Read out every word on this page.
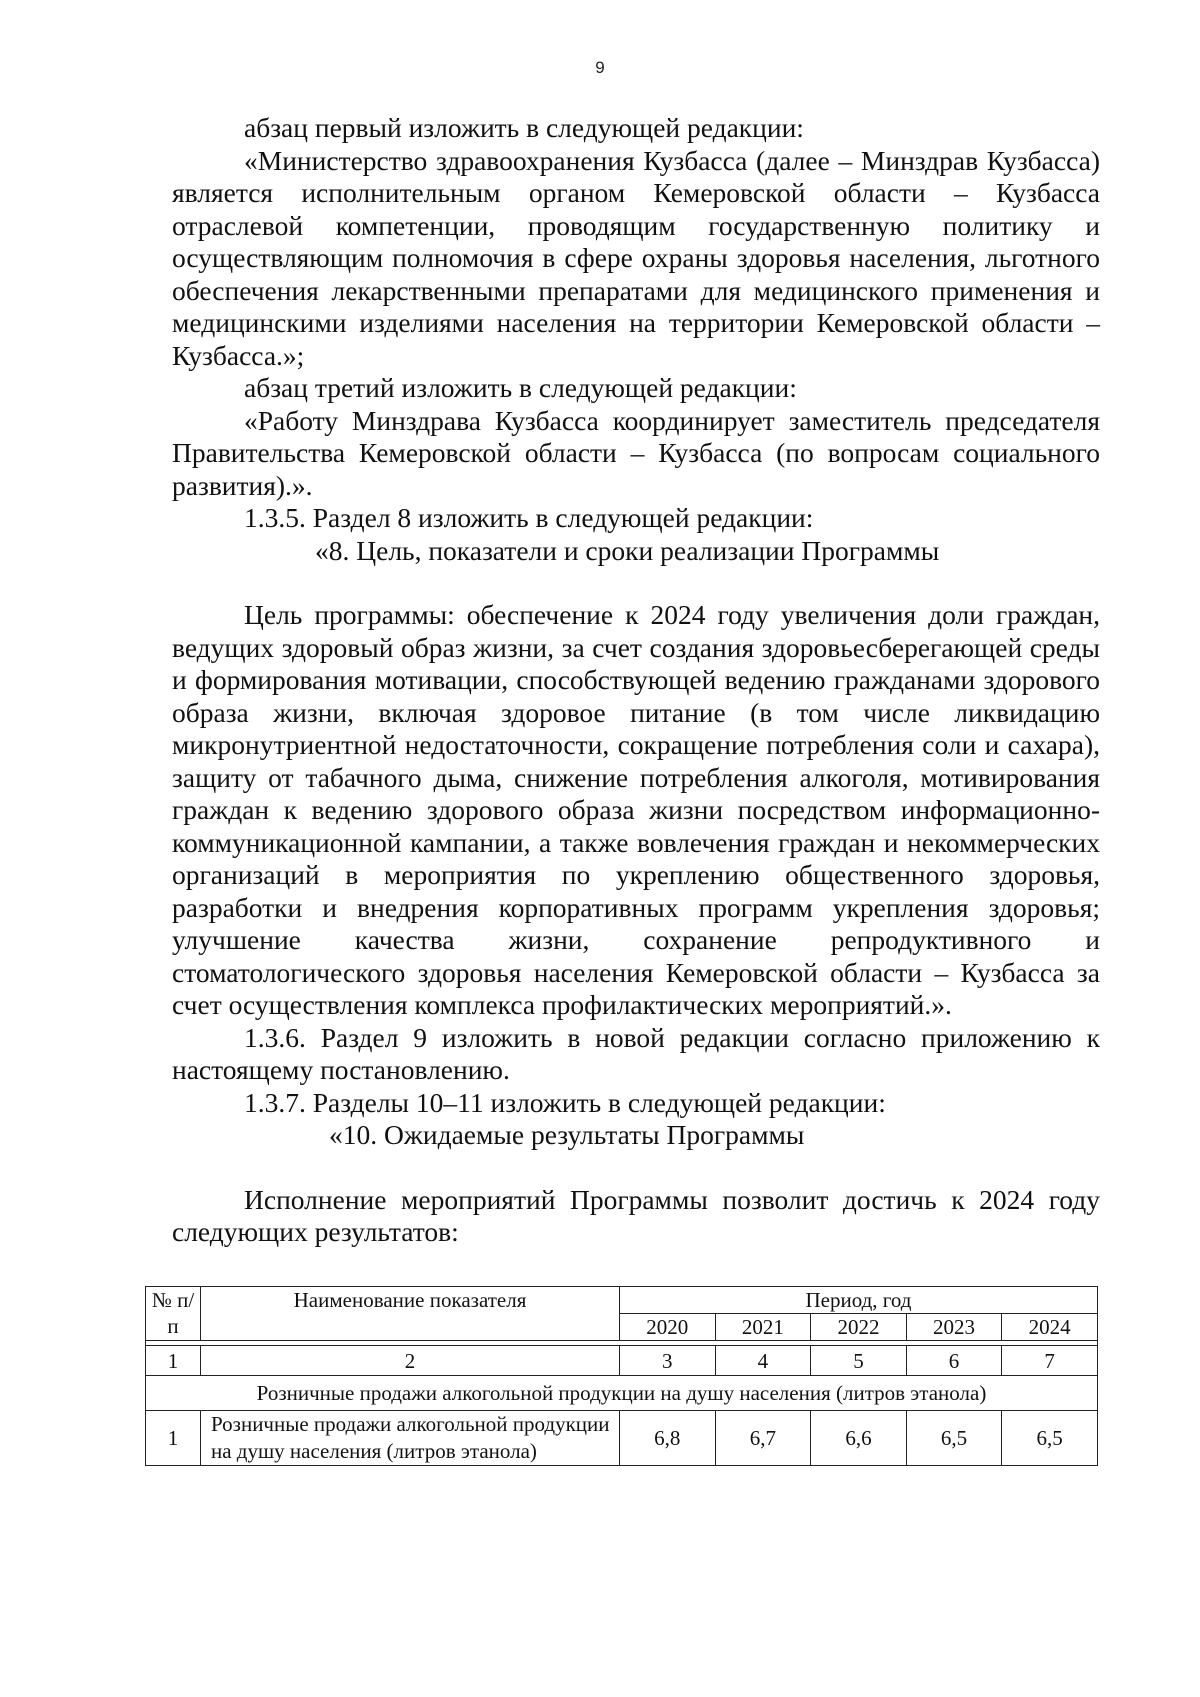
9

абзац первый изложить в следующей редакции:

«Министерство здравоохранения Кузбасса (далее – Минздрав Кузбасса) является исполнительным органом Кемеровской области – Кузбасса отраслевой компетенции, проводящим государственную политику и осуществляющим полномочия в сфере охраны здоровья населения, льготного обеспечения лекарственными препаратами для медицинского применения и медицинскими изделиями населения на территории Кемеровской области – Кузбасса.»;

абзац третий изложить в следующей редакции:

«Работу Минздрава Кузбасса координирует заместитель председателя Правительства Кемеровской области – Кузбасса (по вопросам социального развития).».

1.3.5. Раздел 8 изложить в следующей редакции:

«8. Цель, показатели и сроки реализации Программы

Цель программы: обеспечение к 2024 году увеличения доли граждан, ведущих здоровый образ жизни, за счет создания здоровьесберегающей среды и формирования мотивации, способствующей ведению гражданами здорового образа жизни, включая здоровое питание (в том числе ликвидацию микронутриентной недостаточности, сокращение потребления соли и сахара), защиту от табачного дыма, снижение потребления алкоголя, мотивирования граждан к ведению здорового образа жизни посредством информационно-коммуникационной кампании, а также вовлечения граждан и некоммерческих организаций в мероприятия по укреплению общественного здоровья, разработки и внедрения корпоративных программ укрепления здоровья; улучшение качества жизни, сохранение репродуктивного и стоматологического здоровья населения Кемеровской области – Кузбасса за счет осуществления комплекса профилактических мероприятий.».

1.3.6. Раздел 9 изложить в новой редакции согласно приложению к настоящему постановлению.

1.3.7. Разделы 10–11 изложить в следующей редакции:

«10. Ожидаемые результаты Программы

Исполнение мероприятий Программы позволит достичь к 2024 году следующих результатов:

№ п/п	Наименование показателя	Период, год				
		2020	2021	2022	2023	2024

1	2	3	4	5	6	7
Розничные продажи алкогольной продукции на душу населения (литров этанола)						
1	Розничные продажи алкогольной продукции на душу населения (литров этанола)	6,8	6,7	6,6	6,5	6,5
